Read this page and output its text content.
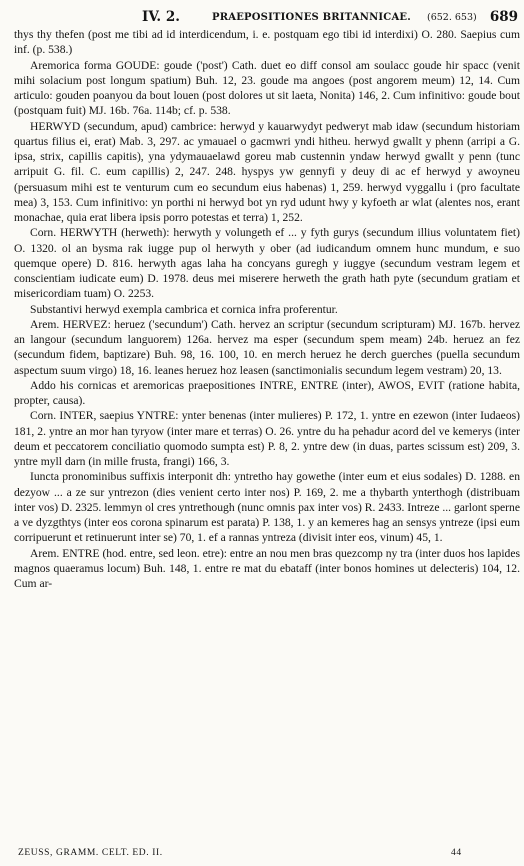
IV. 2.	PRAEPOSITIONES BRITANNICAE. (652. 653) 689

thys thy thefen (post me tibi ad id interdicendum, i. e. postquam ego tibi id interdixi) O. 280. Saepius cum inf. (p. 538.)

Aremorica forma GOUDE: goude ('post') Cath. duet eo diff consol am soulacc goude hir spacc (venit mihi solacium post longum spatium) Buh. 12, 23. goude ma angoes (post angorem meum) 12, 14. Cum articulo: gouden poanyou da bout louen (post dolores ut sit laeta, Nonita) 146, 2. Cum infinitivo: goude bout (postquam fuit) MJ. 16b. 76a. 114b; cf. p. 538.

HERWYD (secundum, apud) cambrice: herwyd y kauarwydyt pedweryt mab idaw (secundum historiam quartus filius ei, erat) Mab. 3, 297. ac ymauael o gacmwri yndi hitheu. herwyd gwallt y phenn (arripi a G. ipsa, strix, capillis capitis), yna ydymauaelawd goreu mab custennin yndaw herwyd gwallt y penn (tunc arripuit G. fil. C. eum capillis) 2, 247. 248. hyspys yw gennyfi y deuy di ac ef herwyd y awoyneu (persuasum mihi est te venturum cum eo secundum eius habenas) 1, 259. herwyd vyggallu i (pro facultate mea) 3, 153. Cum infinitivo: yn porthi ni herwyd bot yn ryd udunt hwy y kyfoeth ar wlat (alentes nos, erant monachae, quia erat libera ipsis porro potestas et terra) 1, 252.

Corn. HERWYTH (herweth): herwyth y volungeth ef ... y fyth gurys (secundum illius voluntatem fiet) O. 1320. ol an bysma rak iugge pup ol herwyth y ober (ad iudicandum omnem hunc mundum, e suo quemque opere) D. 816. herwyth agas laha ha concyans guregh y iuggye (secundum vestram legem et conscientiam iudicate eum) D. 1978. deus mei miserere herweth the grath hath pyte (secundum gratiam et misericordiam tuam) O. 2253.

Substantivi herwyd exempla cambrica et cornica infra proferentur.

Arem. HERVEZ: heruez ('secundum') Cath. hervez an scriptur (secundum scripturam) MJ. 167b. hervez an langour (secundum languorem) 126a. hervez ma esper (secundum spem meam) 24b. heruez an fez (secundum fidem, baptizare) Buh. 98, 16. 100, 10. en merch heruez he derch guerches (puella secundum aspectum suum virgo) 18, 16. leanes heruez hoz leasen (sanctimonialis secundum legem vestram) 20, 13.

Addo his cornicas et aremoricas praepositiones INTRE, ENTRE (inter), AWOS, EVIT (ratione habita, propter, causa).

Corn. INTER, saepius YNTRE: ynter benenas (inter mulieres) P. 172, 1. yntre en ezewon (inter Iudaeos) 181, 2. yntre an mor han tyryow (inter mare et terras) O. 26. yntre du ha pehadur acord del ve kemerys (inter deum et peccatorem conciliatio quomodo sumpta est) P. 8, 2. yntre dew (in duas, partes scissum est) 209, 3. yntre myll darn (in mille frusta, frangi) 166, 3.

Iuncta pronominibus suffixis interponit dh: yntretho hay gowethe (inter eum et eius sodales) D. 1288. en dezyow ... a ze sur yntrezon (dies venient certo inter nos) P. 169, 2. me a thybarth ynterthogh (distribuam inter vos) D. 2325. lemmyn ol cres yntrethough (nunc omnis pax inter vos) R. 2433. Intreze ... garlont sperne a ve dyzgthtys (inter eos corona spinarum est parata) P. 138, 1. y an kemeres hag an sensys yntreze (ipsi eum corripuerunt et retinuerunt inter se) 70, 1. ef a rannas yntreza (divisit inter eos, vinum) 45, 1.

Arem. ENTRE (hod. entre, sed leon. etre): entre an nou men bras quezcomp ny tra (inter duos hos lapides magnos quaeramus locum) Buh. 148, 1. entre re mat du ebataff (inter bonos homines ut delecteris) 104, 12. Cum ar-

ZEUSS, GRAMM. CELT. ED. II.	44
